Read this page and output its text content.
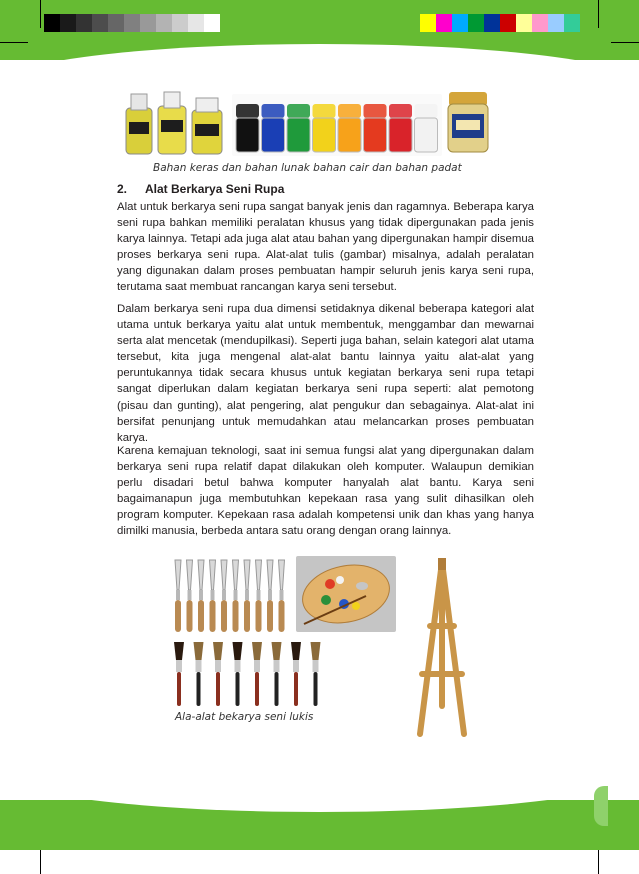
Bahan keras dan bahan lunak bahan cair dan bahan padat
2. Alat Berkarya Seni Rupa

Alat untuk berkarya seni rupa sangat banyak jenis dan ragamnya. Beberapa karya seni rupa bahkan memiliki peralatan khusus yang tidak dipergunakan pada jenis karya lainnya. Tetapi ada juga alat atau bahan yang dipergunakan hampir disemua proses berkarya seni rupa. Alat-alat tulis (gambar) misalnya, adalah peralatan yang digunakan dalam proses pembuatan hampir seluruh jenis karya seni rupa, terutama saat membuat rancangan karya seni tersebut.

Dalam berkarya seni rupa dua dimensi setidaknya dikenal beberapa kategori alat utama untuk berkarya yaitu alat untuk membentuk, menggambar dan mewarnai serta alat mencetak (mendupilkasi). Seperti juga bahan, selain kategori alat utama tersebut, kita juga mengenal alat-alat bantu lainnya yaitu alat-alat yang peruntukannya tidak secara khusus untuk kegiatan berkarya seni rupa tetapi sangat diperlukan dalam kegiatan berkarya seni rupa seperti: alat pemotong (pisau dan gunting), alat pengering, alat pengukur dan sebagainya. Alat-alat ini bersifat penunjang untuk memudahkan atau melancarkan proses pembuatan karya.

Karena kemajuan teknologi, saat ini semua fungsi alat yang dipergunakan dalam berkarya seni rupa relatif dapat dilakukan oleh komputer. Walaupun demikian perlu disadari betul bahwa komputer hanyalah alat bantu. Karya seni bagaimanapun juga membutuhkan kepekaan rasa yang sulit dihasilkan oleh program komputer. Kepekaan rasa adalah kompetensi unik dan khas yang hanya dimilki manusia, berbeda antara satu orang dengan orang lainnya.

Ala-alat bekarya seni lukis
